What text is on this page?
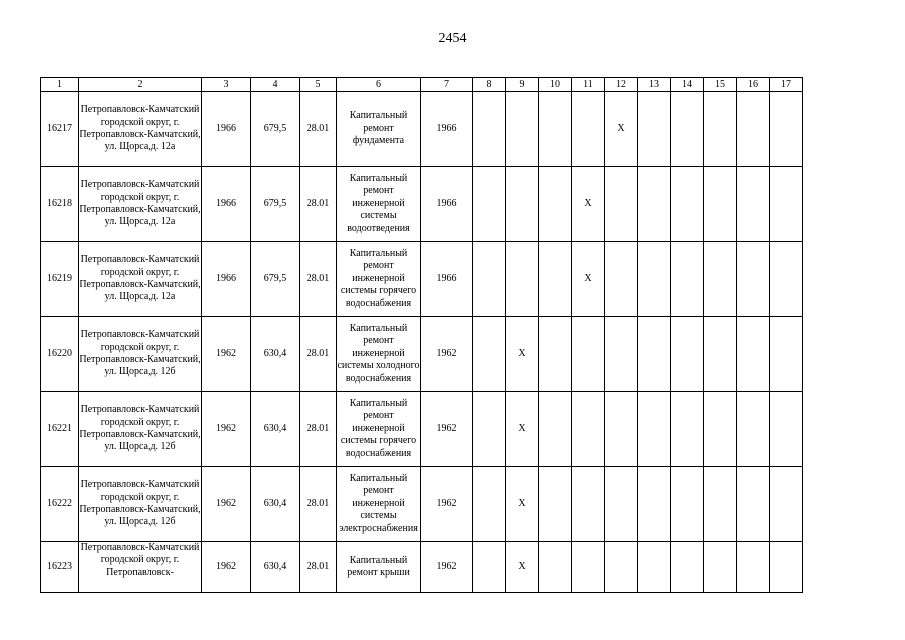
2454
1	2	3	4	5	6	7	8	9	10	11	12	13	14	15	16	17
16217	Петропавловск-Камчатский городской округ, г. Петропавловск-Камчатский, ул. Щорса,д. 12а	1966	679,5	28.01	Капитальный ремонт фундамента	1966					X					
16218	Петропавловск-Камчатский городской округ, г. Петропавловск-Камчатский, ул. Щорса,д. 12а	1966	679,5	28.01	Капитальный ремонт инженерной системы водоотведения	1966				X						
16219	Петропавловск-Камчатский городской округ, г. Петропавловск-Камчатский, ул. Щорса,д. 12а	1966	679,5	28.01	Капитальный ремонт инженерной системы горячего водоснабжения	1966				X						
16220	Петропавловск-Камчатский городской округ, г. Петропавловск-Камчатский, ул. Щорса,д. 12б	1962	630,4	28.01	Капитальный ремонт инженерной системы холодного водоснабжения	1962		X								
16221	Петропавловск-Камчатский городской округ, г. Петропавловск-Камчатский, ул. Щорса,д. 12б	1962	630,4	28.01	Капитальный ремонт инженерной системы горячего водоснабжения	1962		X								
16222	Петропавловск-Камчатский городской округ, г. Петропавловск-Камчатский, ул. Щорса,д. 12б	1962	630,4	28.01	Капитальный ремонт инженерной системы электроснабжения	1962		X								
16223	Петропавловск-Камчатский городской округ, г. Петропавловск-	1962	630,4	28.01	Капитальный ремонт крыши	1962		X								
